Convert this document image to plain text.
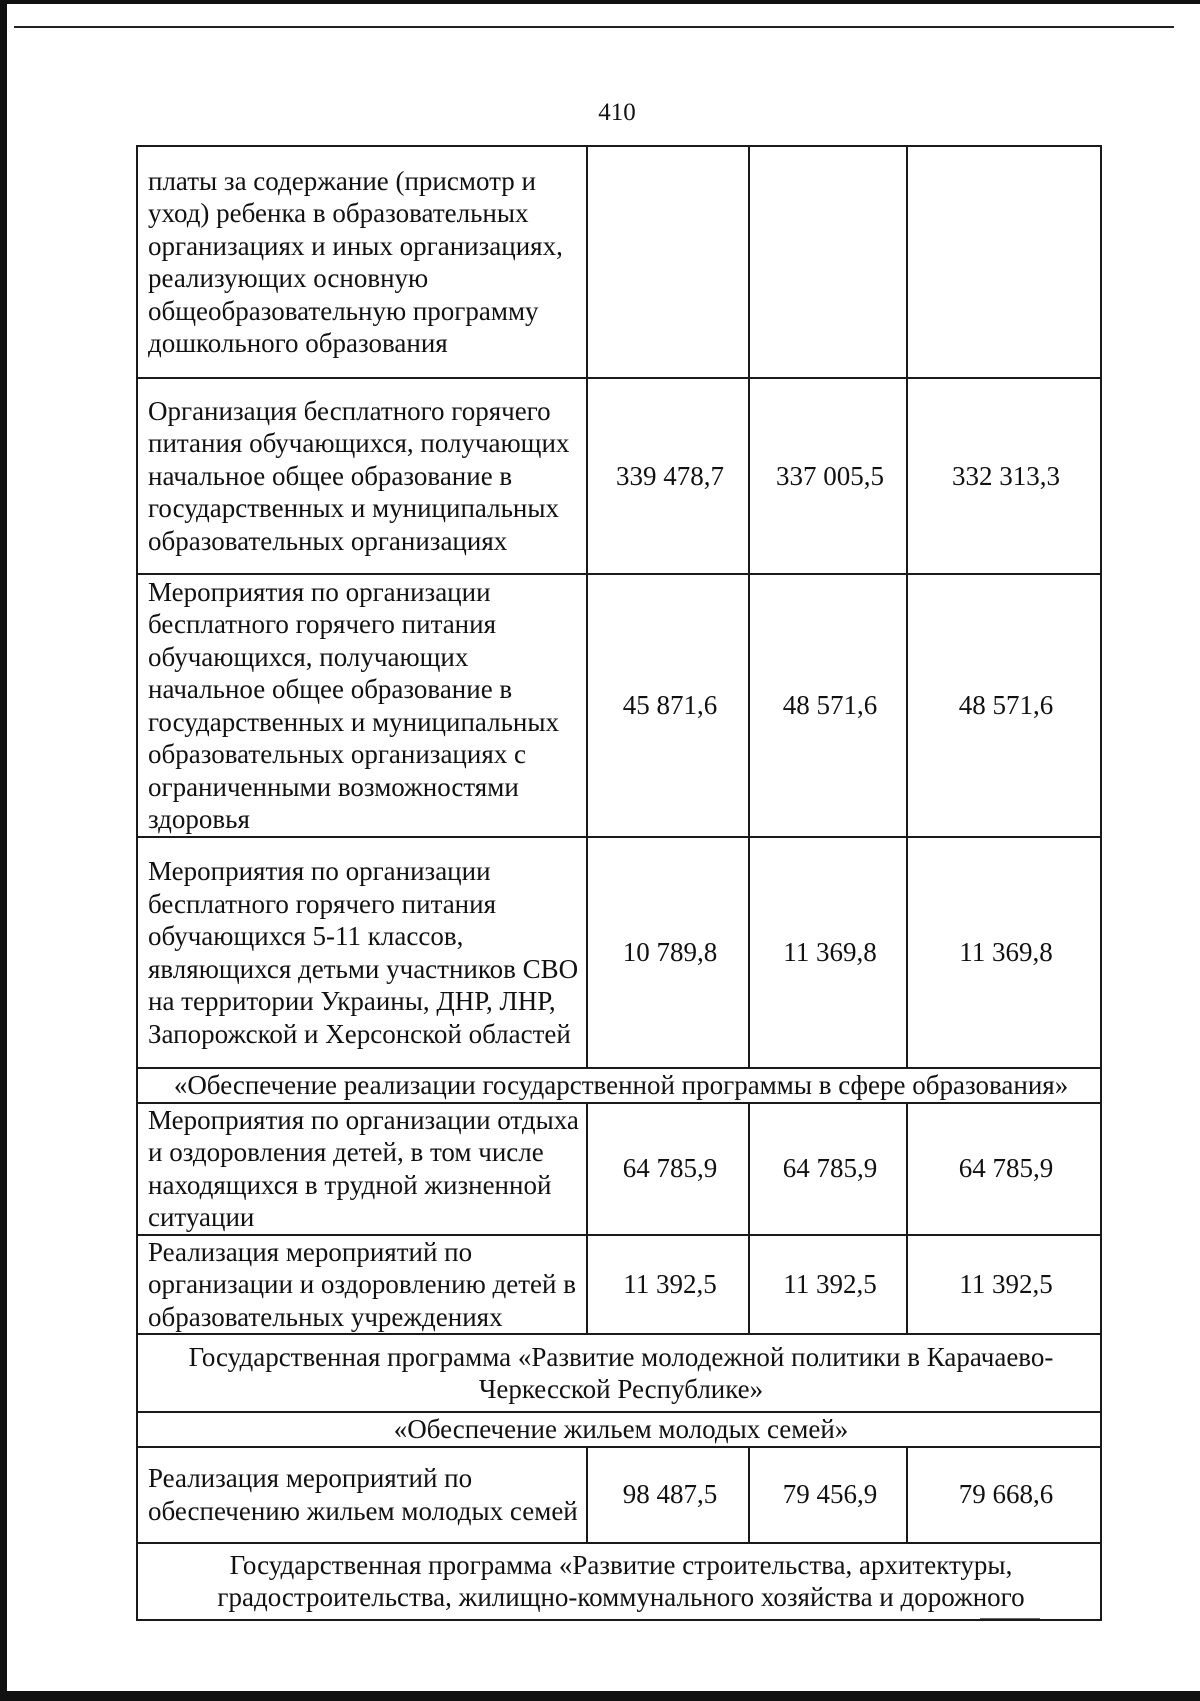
410
платы за содержание (присмотр и уход) ребенка в образовательных организациях и иных организациях, реализующих основную общеобразовательную программу дошкольного образования			
Организация бесплатного горячего питания обучающихся, получающих начальное общее образование в государственных и муниципальных образовательных организациях	339 478,7	337 005,5	332 313,3
Мероприятия по организации бесплатного горячего питания обучающихся, получающих начальное общее образование в государственных и муниципальных образовательных организациях с ограниченными возможностями здоровья	45 871,6	48 571,6	48 571,6
Мероприятия по организации бесплатного горячего питания обучающихся 5-11 классов, являющихся детьми участников СВО на территории Украины, ДНР, ЛНР, Запорожской и Херсонской областей	10 789,8	11 369,8	11 369,8
«Обеспечение реализации государственной программы в сфере образования»			
Мероприятия по организации отдыха и оздоровления детей, в том числе находящихся в трудной жизненной ситуации	64 785,9	64 785,9	64 785,9
Реализация мероприятий по организации и оздоровлению детей в образовательных учреждениях	11 392,5	11 392,5	11 392,5
Государственная программа «Развитие молодежной политики в Карачаево-Черкесской Республике»			
«Обеспечение жильем молодых семей»			
Реализация мероприятий по обеспечению жильем молодых семей	98 487,5	79 456,9	79 668,6
Государственная программа «Развитие строительства, архитектуры, градостроительства, жилищно-коммунального хозяйства и дорожного			
